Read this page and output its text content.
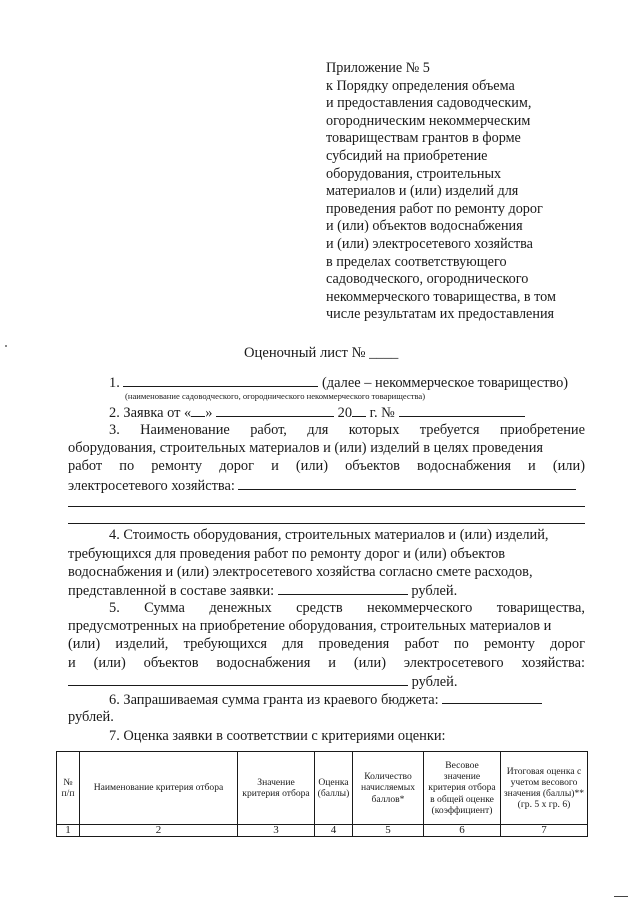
Приложение № 5
к Порядку определения объема
и предоставления садоводческим,
огородническим некоммерческим
товариществам грантов в форме
субсидий на приобретение
оборудования, строительных
материалов и (или) изделий для
проведения работ по ремонту дорог
и (или) объектов водоснабжения
и (или) электросетевого хозяйства
в пределах соответствующего
садоводческого, огороднического
некоммерческого товарищества, в том
числе результатам их предоставления
Оценочный лист № ____
1.	(далее – некоммерческое товарищество)
(наименование садоводческого, огороднического некоммерческого товарищества)
2. Заявка от « »	20 г. №
3. Наименование работ, для которых требуется приобретение
оборудования, строительных материалов и (или) изделий в целях проведения
работ по ремонту дорог и (или) объектов водоснабжения и (или)
электросетевого хозяйства:
4. Стоимость оборудования, строительных материалов и (или) изделий,
требующихся для проведения работ по ремонту дорог и (или) объектов
водоснабжения и (или) электросетевого хозяйства согласно смете расходов,
представленной в составе заявки:	рублей.
5. Сумма денежных средств некоммерческого товарищества,
предусмотренных на приобретение оборудования, строительных материалов и
(или) изделий, требующихся для проведения работ по ремонту дорог
и (или) объектов водоснабжения и (или) электросетевого хозяйства:
рублей.
6. Запрашиваемая сумма гранта из краевого бюджета:
рублей.
7. Оценка заявки в соответствии с критериями оценки:
№ п/п	Наименование критерия отбора	Значение критерия отбора	Оценка (баллы)	Количество начисляемых баллов*	Весовое значение критерия отбора в общей оценке (коэффициент)	Итоговая оценка с учетом весового значения (баллы)** (гр. 5 х гр. 6)
1	2	3	4	5	6	7
